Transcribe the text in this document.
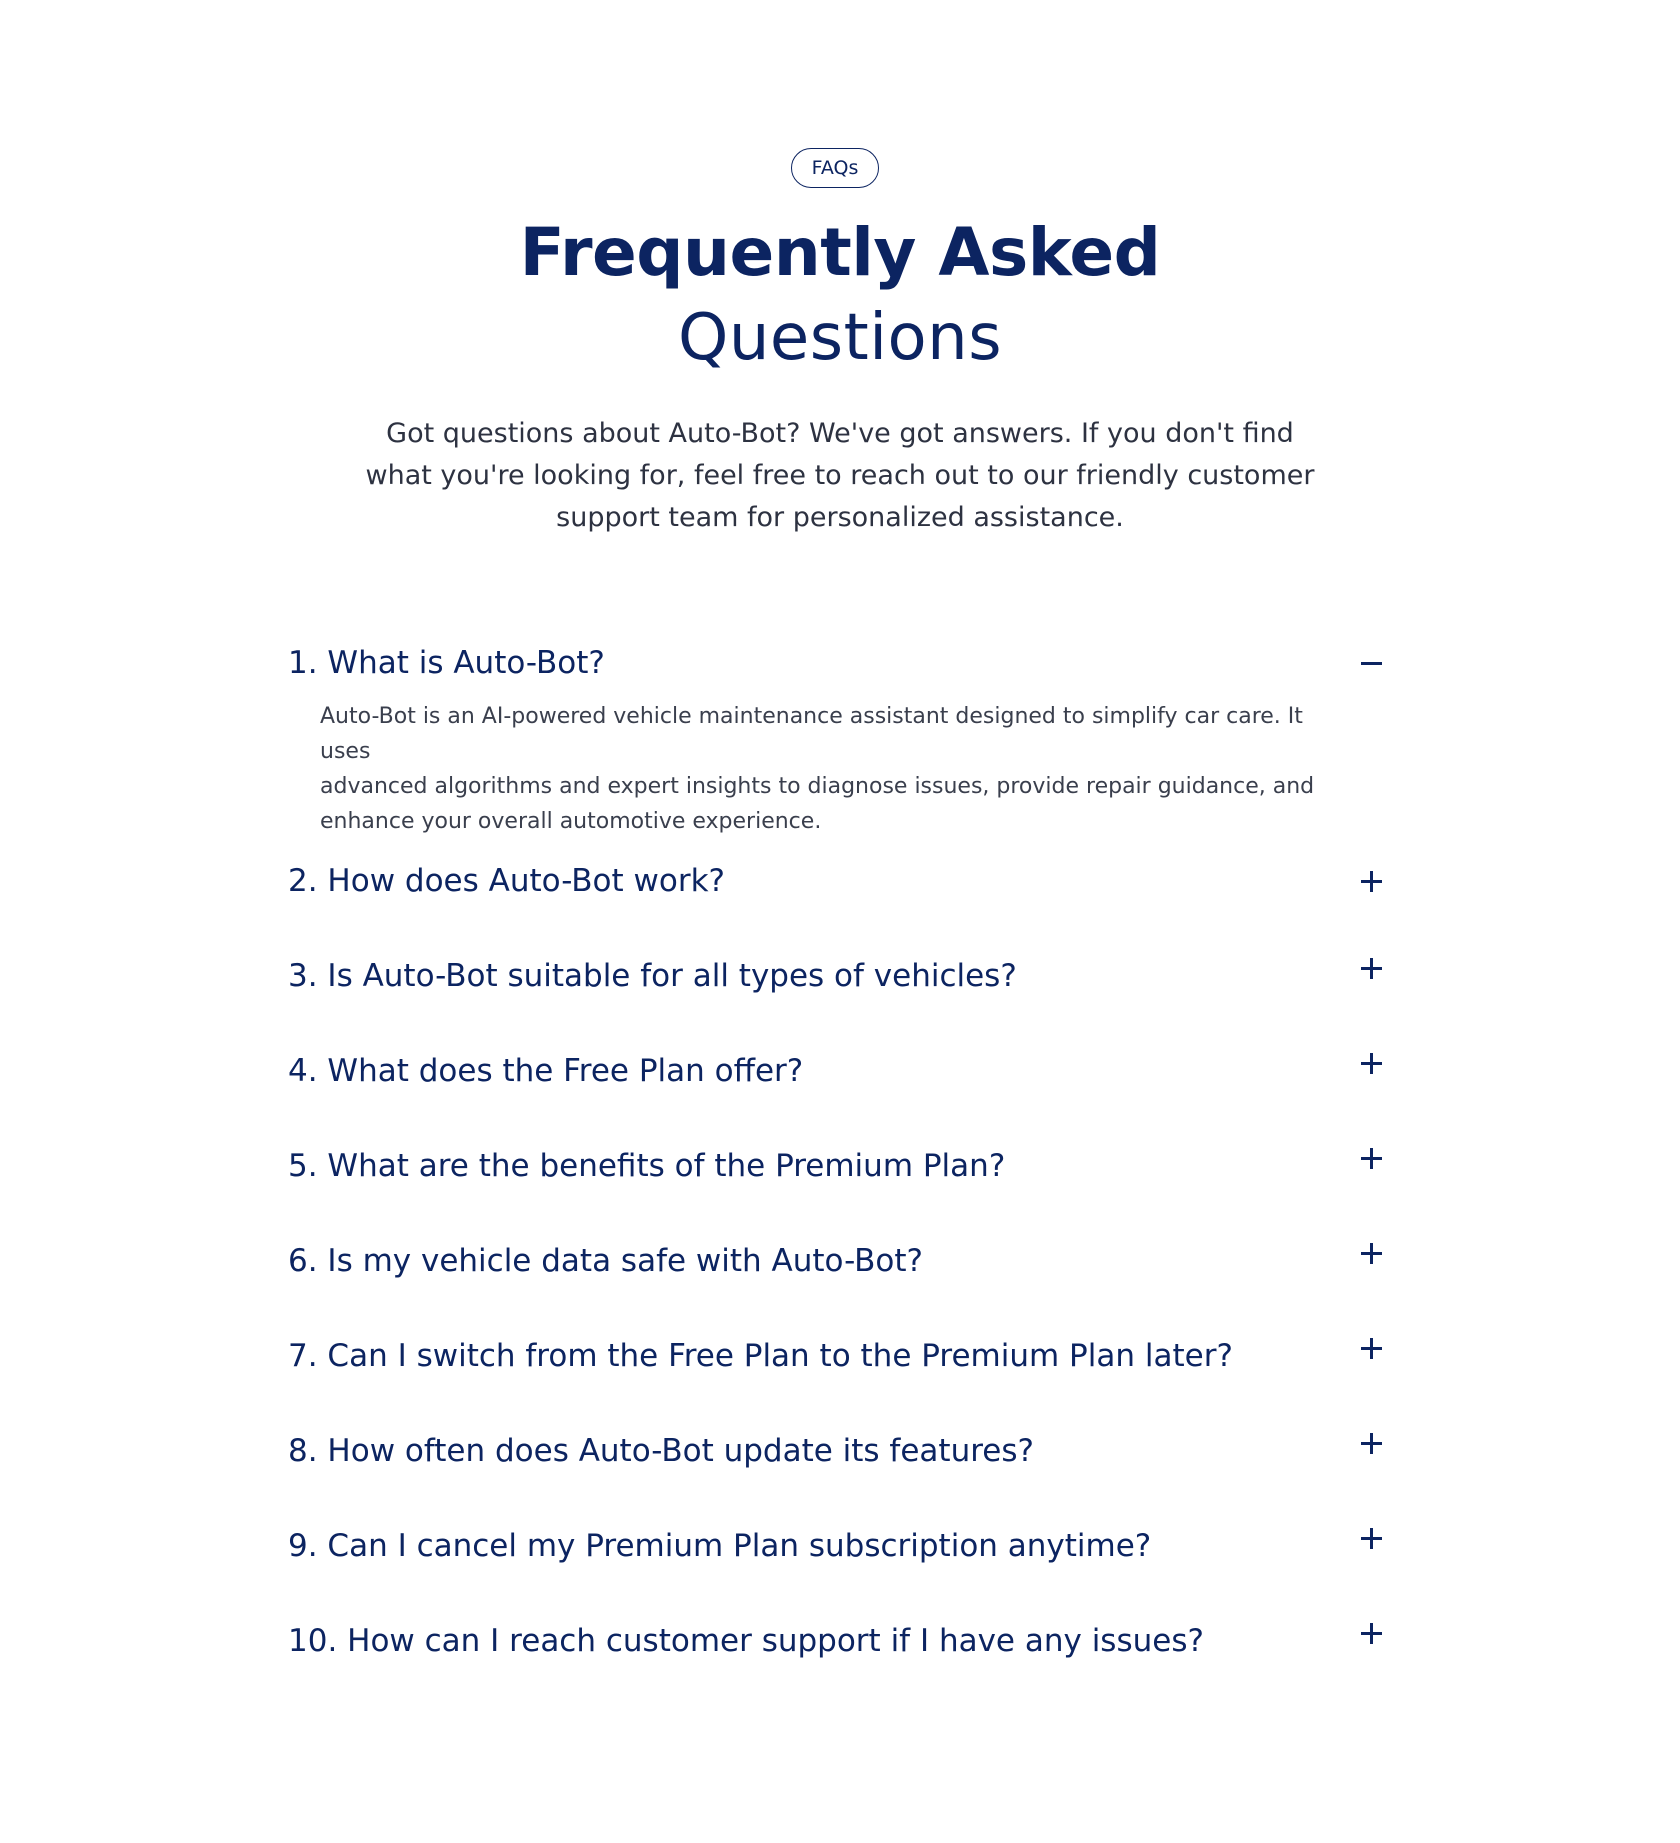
FAQs
Frequently Asked
Questions

Got questions about Auto-Bot? We've got answers. If you don't find
what you're looking for, feel free to reach out to our friendly customer
support team for personalized assistance.

1. What is Auto-Bot?

Auto-Bot is an AI-powered vehicle maintenance assistant designed to simplify car care. It uses
advanced algorithms and expert insights to diagnose issues, provide repair guidance, and
enhance your overall automotive experience.

2. How does Auto-Bot work?
3. Is Auto-Bot suitable for all types of vehicles?
4. What does the Free Plan offer?
5. What are the benefits of the Premium Plan?
6. Is my vehicle data safe with Auto-Bot?
7. Can I switch from the Free Plan to the Premium Plan later?
8. How often does Auto-Bot update its features?
9. Can I cancel my Premium Plan subscription anytime?
10. How can I reach customer support if I have any issues?
